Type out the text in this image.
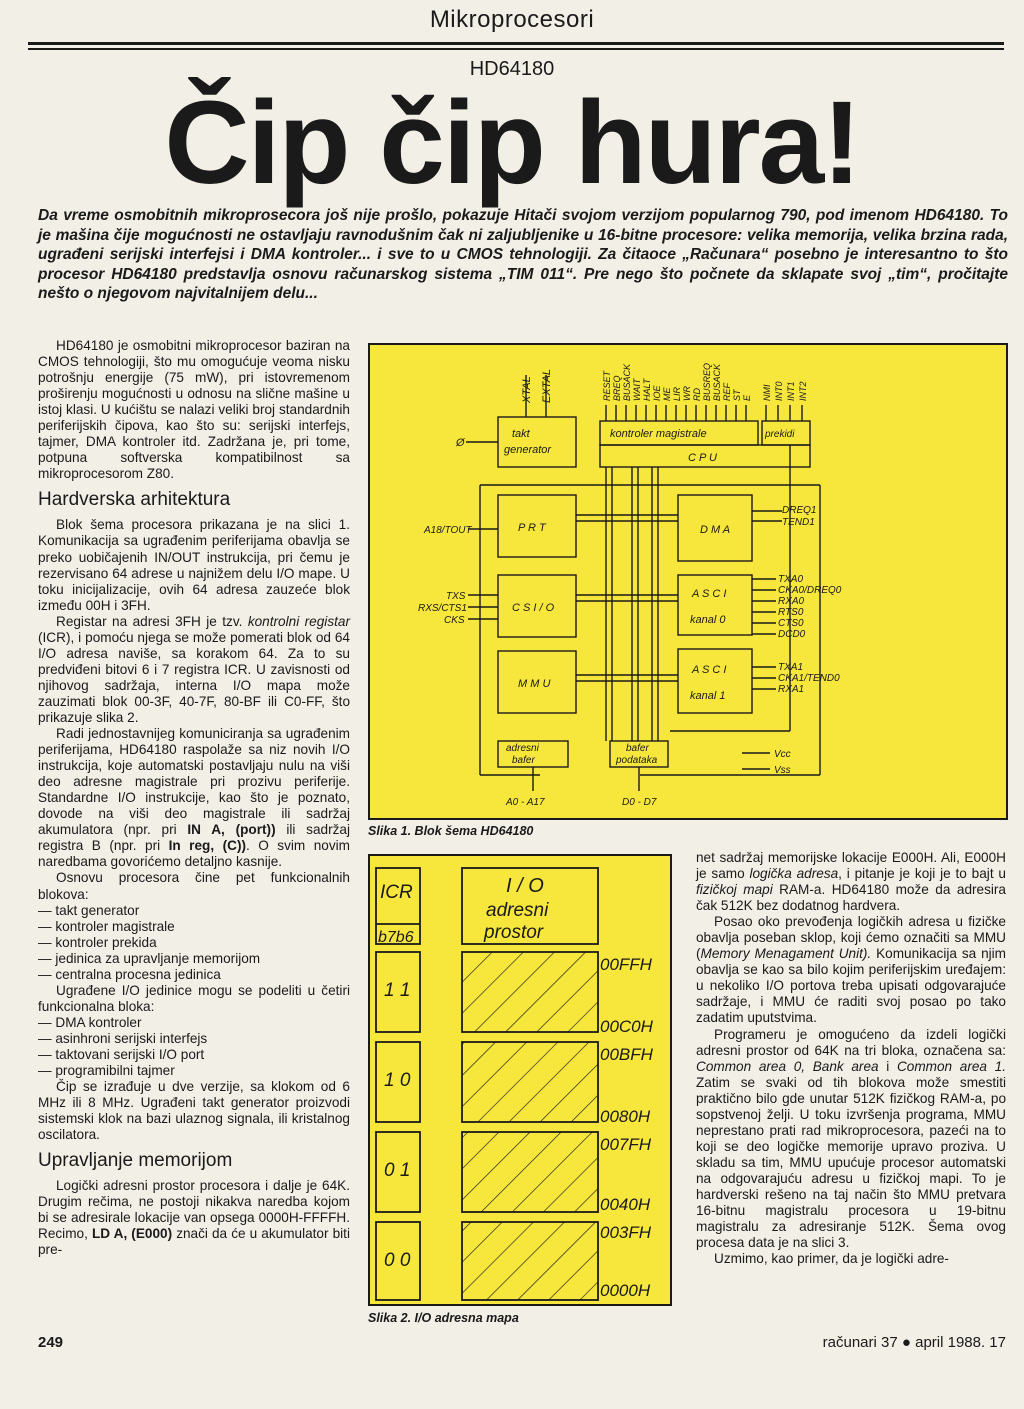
Mikroprocesori
HD64180
Čip čip hura!
Da vreme osmobitnih mikroprosecora još nije prošlo, pokazuje Hitači svojom verzijom popularnog 790, pod imenom HD64180. To je mašina čije mogućnosti ne ostavljaju ravnodušnim čak ni zaljubljenike u 16-bitne procesore: velika memorija, velika brzina rada, ugrađeni serijski interfejsi i DMA kontroler... i sve to u CMOS tehnologiji. Za čitaoce „Računara“ posebno je interesantno to što procesor HD64180 predstavlja osnovu računarskog sistema „TIM 011“. Pre nego što počnete da sklapate svoj „tim“, pročitajte nešto o njegovom najvitalnijem delu...

HD64180 je osmobitni mikroprocesor baziran na CMOS tehnologiji, što mu omogućuje veoma nisku potrošnju energije (75 mW), pri istovremenom proširenju mogućnosti u odnosu na slične mašine u istoj klasi. U kućištu se nalazi veliki broj standardnih periferijskih čipova, kao što su: serijski interfejs, tajmer, DMA kontroler itd. Zadržana je, pri tome, potpuna softverska kompatibilnost sa mikroprocesorom Z80.

Hardverska arhitektura

Blok šema procesora prikazana je na slici 1. Komunikacija sa ugrađenim periferijama obavlja se preko uobičajenih IN/OUT instrukcija, pri čemu je rezervisano 64 adrese u najnižem delu I/O mape. U toku inicijalizacije, ovih 64 adresa zauzeće blok između 00H i 3FH.

Registar na adresi 3FH je tzv. kontrolni registar (ICR), i pomoću njega se može pomerati blok od 64 I/O adresa naviše, sa korakom 64. Za to su predviđeni bitovi 6 i 7 registra ICR. U zavisnosti od njihovog sadržaja, interna I/O mapa može zauzimati blok 00-3F, 40-7F, 80-BF ili C0-FF, što prikazuje slika 2.

Radi jednostavnijeg komuniciranja sa ugrađenim periferijama, HD64180 raspolaže sa niz novih I/O instrukcija, koje automatski postavljaju nulu na viši deo adresne magistrale pri prozivu periferije. Standardne I/O instrukcije, kao što je poznato, dovode na viši deo magistrale ili sadržaj akumulatora (npr. pri IN A, (port)) ili sadržaj registra B (npr. pri In reg, (C)). O svim novim naredbama govorićemo detaljno kasnije.

Osnovu procesora čine pet funkcionalnih blokova:

— takt generator
— kontroler magistrale
— kontroler prekida
— jedinica za upravljanje memorijom
— centralna procesna jedinica

Ugrađene I/O jedinice mogu se podeliti u četiri funkcionalna bloka:

— DMA kontroler
— asinhroni serijski interfejs
— taktovani serijski I/O port
— programibilni tajmer

Čip se izrađuje u dve verzije, sa klokom od 6 MHz ili 8 MHz. Ugrađeni takt generator proizvodi sistemski klok na bazi ulaznog signala, ili kristalnog oscilatora.

Upravljanje memorijom

Logički adresni prostor procesora i dalje je 64K. Drugim rečima, ne postoji nikakva naredba kojom bi se adresirale lokacije van opsega 0000H-FFFFH. Recimo, LD A, (E000) znači da će u akumulator biti pre-

XTAL EXTAL	RESET BREQ BUSACK WAIT HALT IOE ME LIR WR RD BUSREQ BUSACK REF ST E NMI INT0 INT1 INT2
takt
generator
kontroler magistrale	prekidi
C P U
P R T
C S I / O
M M U
D M A
A S C I
kanal 0
A S C I
kanal 1
adresni
bafer
bafer
podataka
Ø
A18/TOUT
TXS
RXS/CTS1
CKS
DREQ1
TEND1
TXA0
CKA0/DREQ0
RXA0
RTS0
CTS0
DCD0
TXA1
CKA1/TEND0
RXA1
Vcc
Vss
A0 - A17	D0 - D7
Slika 1. Blok šema HD64180
ICR
b7b6
I / O
adresni
prostor
1 1
1 0
0 1
0 0
00FFH
00C0H
00BFH
0080H
007FH
0040H
003FH
0000H
Slika 2. I/O adresna mapa

net sadržaj memorijske lokacije E000H. Ali, E000H je samo logička adresa, i pitanje je koji je to bajt u fizičkoj mapi RAM-a. HD64180 može da adresira čak 512K bez dodatnog hardvera.

Posao oko prevođenja logičkih adresa u fizičke obavlja poseban sklop, koji ćemo označiti sa MMU (Memory Menagament Unit). Komunikacija sa njim obavlja se kao sa bilo kojim periferijskim uređajem: u nekoliko I/O portova treba upisati odgovarajuće sadržaje, i MMU će raditi svoj posao po tako zadatim uputstvima.

Programeru je omogućeno da izdeli logički adresni prostor od 64K na tri bloka, označena sa: Common area 0, Bank area i Common area 1. Zatim se svaki od tih blokova može smestiti praktično bilo gde unutar 512K fizičkog RAM-a, po sopstvenoj želji. U toku izvršenja programa, MMU neprestano prati rad mikroprocesora, pazeći na to koji se deo logičke memorije upravo proziva. U skladu sa tim, MMU upućuje procesor automatski na odgovarajuću adresu u fizičkoj mapi. To je hardverski rešeno na taj način što MMU pretvara 16-bitnu magistralu procesora u 19-bitnu magistralu za adresiranje 512K. Šema ovog procesa data je na slici 3.

Uzmimo, kao primer, da je logički adre-

249	računari 37 ● april 1988. 17
